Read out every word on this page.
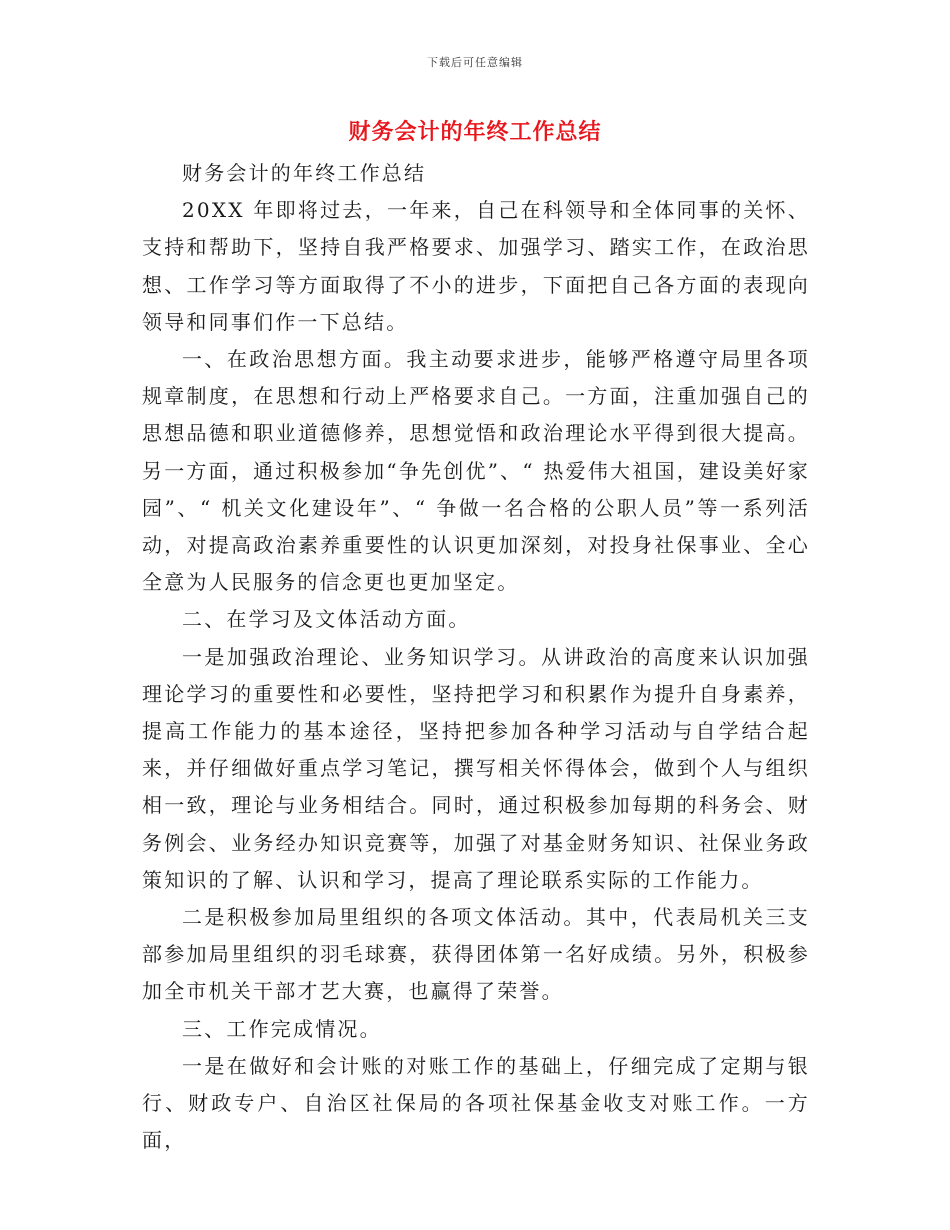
下载后可任意编辑
财务会计的年终工作总结

财务会计的年终工作总结

20XX 年即将过去，一年来，自己在科领导和全体同事的关怀、支持和帮助下，坚持自我严格要求、加强学习、踏实工作，在政治思想、工作学习等方面取得了不小的进步，下面把自己各方面的表现向领导和同事们作一下总结。

一、在政治思想方面。我主动要求进步，能够严格遵守局里各项规章制度，在思想和行动上严格要求自己。一方面，注重加强自己的思想品德和职业道德修养，思想觉悟和政治理论水平得到很大提高。另一方面，通过积极参加“争先创优”、“ 热爱伟大祖国，建设美好家园”、“ 机关文化建设年”、“ 争做一名合格的公职人员”等一系列活动，对提高政治素养重要性的认识更加深刻，对投身社保事业、全心全意为人民服务的信念更也更加坚定。

二、在学习及文体活动方面。

一是加强政治理论、业务知识学习。从讲政治的高度来认识加强理论学习的重要性和必要性，坚持把学习和积累作为提升自身素养，提高工作能力的基本途径，坚持把参加各种学习活动与自学结合起来，并仔细做好重点学习笔记，撰写相关怀得体会，做到个人与组织相一致，理论与业务相结合。同时，通过积极参加每期的科务会、财务例会、业务经办知识竞赛等，加强了对基金财务知识、社保业务政策知识的了解、认识和学习，提高了理论联系实际的工作能力。

二是积极参加局里组织的各项文体活动。其中，代表局机关三支部参加局里组织的羽毛球赛，获得团体第一名好成绩。另外，积极参加全市机关干部才艺大赛，也赢得了荣誉。

三、工作完成情况。

一是在做好和会计账的对账工作的基础上，仔细完成了定期与银行、财政专户、自治区社保局的各项社保基金收支对账工作。一方面，
